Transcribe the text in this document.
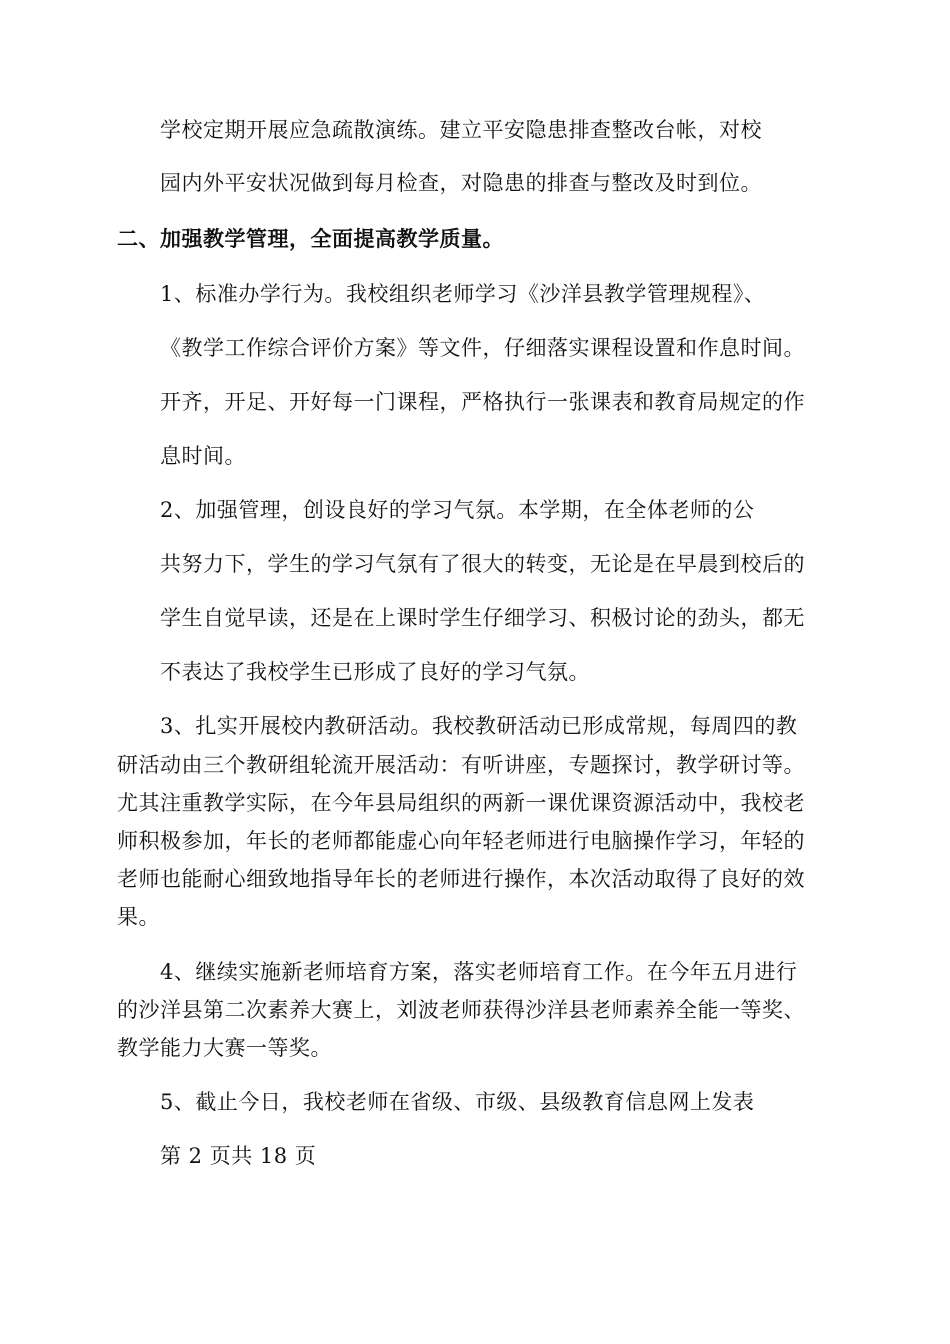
学校定期开展应急疏散演练。建立平安隐患排查整改台帐，对校
园内外平安状况做到每月检查，对隐患的排查与整改及时到位。
二、加强教学管理，全面提高教学质量。
1、标准办学行为。我校组织老师学习《沙洋县教学管理规程》、
《教学工作综合评价方案》等文件，仔细落实课程设置和作息时间。
开齐，开足、开好每一门课程，严格执行一张课表和教育局规定的作
息时间。
2、加强管理，创设良好的学习气氛。本学期，在全体老师的公
共努力下，学生的学习气氛有了很大的转变，无论是在早晨到校后的
学生自觉早读，还是在上课时学生仔细学习、积极讨论的劲头，都无
不表达了我校学生已形成了良好的学习气氛。
3、扎实开展校内教研活动。我校教研活动已形成常规，每周四的教
研活动由三个教研组轮流开展活动：有听讲座，专题探讨，教学研讨等。
尤其注重教学实际，在今年县局组织的两新一课优课资源活动中，我校老
师积极参加，年长的老师都能虚心向年轻老师进行电脑操作学习，年轻的
老师也能耐心细致地指导年长的老师进行操作，本次活动取得了良好的效
果。
4、继续实施新老师培育方案，落实老师培育工作。在今年五月进行
的沙洋县第二次素养大赛上，刘波老师获得沙洋县老师素养全能一等奖、
教学能力大赛一等奖。
5、截止今日，我校老师在省级、市级、县级教育信息网上发表
第 2 页共 18 页
